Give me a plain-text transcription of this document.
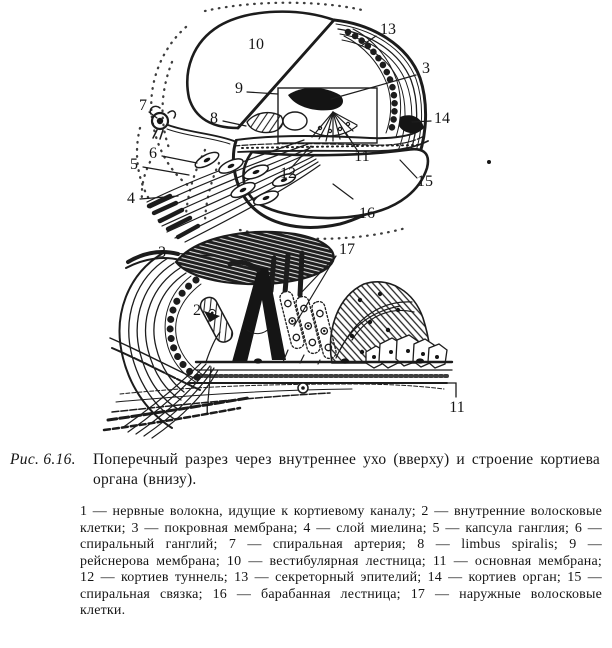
10
13
3
9
8
7
14
6
5
4
12
11
15
16
3	17
2
1	11
Рис. 6.16.	Поперечный разрез через внутреннее ухо (вверху) и строение кортиева органа (внизу).

1 — нервные волокна, идущие к кортиевому каналу; 2 — внутренние волосковые клетки; 3 — покровная мембрана; 4 — слой миелина; 5 — капсула ганглия; 6 — спиральный ганглий; 7 — спиральная артерия; 8 — limbus spiralis; 9 — рейснерова мембрана; 10 — вестибулярная лестница; 11 — основная мембрана; 12 — кортиев туннель; 13 — секреторный эпителий; 14 — кортиев орган; 15 — спиральная связка; 16 — барабанная лестница; 17 — наружные волосковые клетки.
